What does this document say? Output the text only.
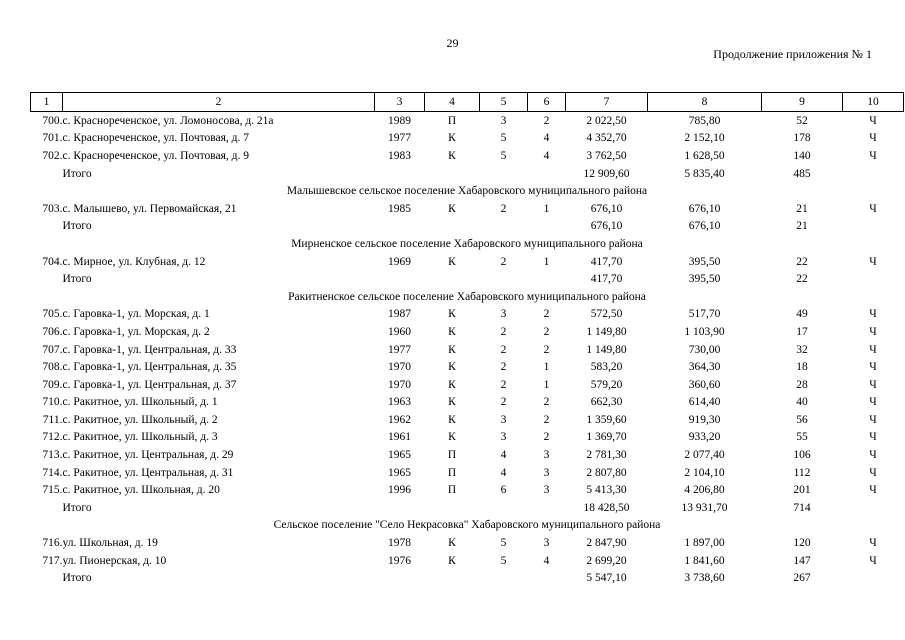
29
Продолжение приложения № 1
1	2	3	4	5	6	7	8	9	10
700.	с. Краснореченское, ул. Ломоносова, д. 21а	1989	П	3	2	2 022,50	785,80	52	Ч
701.	с. Краснореченское, ул. Почтовая, д. 7	1977	К	5	4	4 352,70	2 152,10	178	Ч
702.	с. Краснореченское, ул. Почтовая, д. 9	1983	К	5	4	3 762,50	1 628,50	140	Ч
	Итого					12 909,60	5 835,40	485	
Малышевское сельское поселение Хабаровского муниципального района									
703.	с. Малышево, ул. Первомайская, 21	1985	К	2	1	676,10	676,10	21	Ч
	Итого					676,10	676,10	21	
Мирненское сельское поселение Хабаровского муниципального района									
704.	с. Мирное, ул. Клубная, д. 12	1969	К	2	1	417,70	395,50	22	Ч
	Итого					417,70	395,50	22	
Ракитненское сельское поселение Хабаровского муниципального района									
705.	с. Гаровка-1, ул. Морская, д. 1	1987	К	3	2	572,50	517,70	49	Ч
706.	с. Гаровка-1, ул. Морская, д. 2	1960	К	2	2	1 149,80	1 103,90	17	Ч
707.	с. Гаровка-1, ул. Центральная, д. 33	1977	К	2	2	1 149,80	730,00	32	Ч
708.	с. Гаровка-1, ул. Центральная, д. 35	1970	К	2	1	583,20	364,30	18	Ч
709.	с. Гаровка-1, ул. Центральная, д. 37	1970	К	2	1	579,20	360,60	28	Ч
710.	с. Ракитное, ул. Школьный, д. 1	1963	К	2	2	662,30	614,40	40	Ч
711.	с. Ракитное, ул. Школьный, д. 2	1962	К	3	2	1 359,60	919,30	56	Ч
712.	с. Ракитное, ул. Школьный, д. 3	1961	К	3	2	1 369,70	933,20	55	Ч
713.	с. Ракитное, ул. Центральная, д. 29	1965	П	4	3	2 781,30	2 077,40	106	Ч
714.	с. Ракитное, ул. Центральная, д. 31	1965	П	4	3	2 807,80	2 104,10	112	Ч
715.	с. Ракитное, ул. Школьная, д. 20	1996	П	6	3	5 413,30	4 206,80	201	Ч
	Итого					18 428,50	13 931,70	714	
Сельское поселение "Село Некрасовка" Хабаровского муниципального района									
716.	ул. Школьная, д. 19	1978	К	5	3	2 847,90	1 897,00	120	Ч
717.	ул. Пионерская, д. 10	1976	К	5	4	2 699,20	1 841,60	147	Ч
	Итого					5 547,10	3 738,60	267	
